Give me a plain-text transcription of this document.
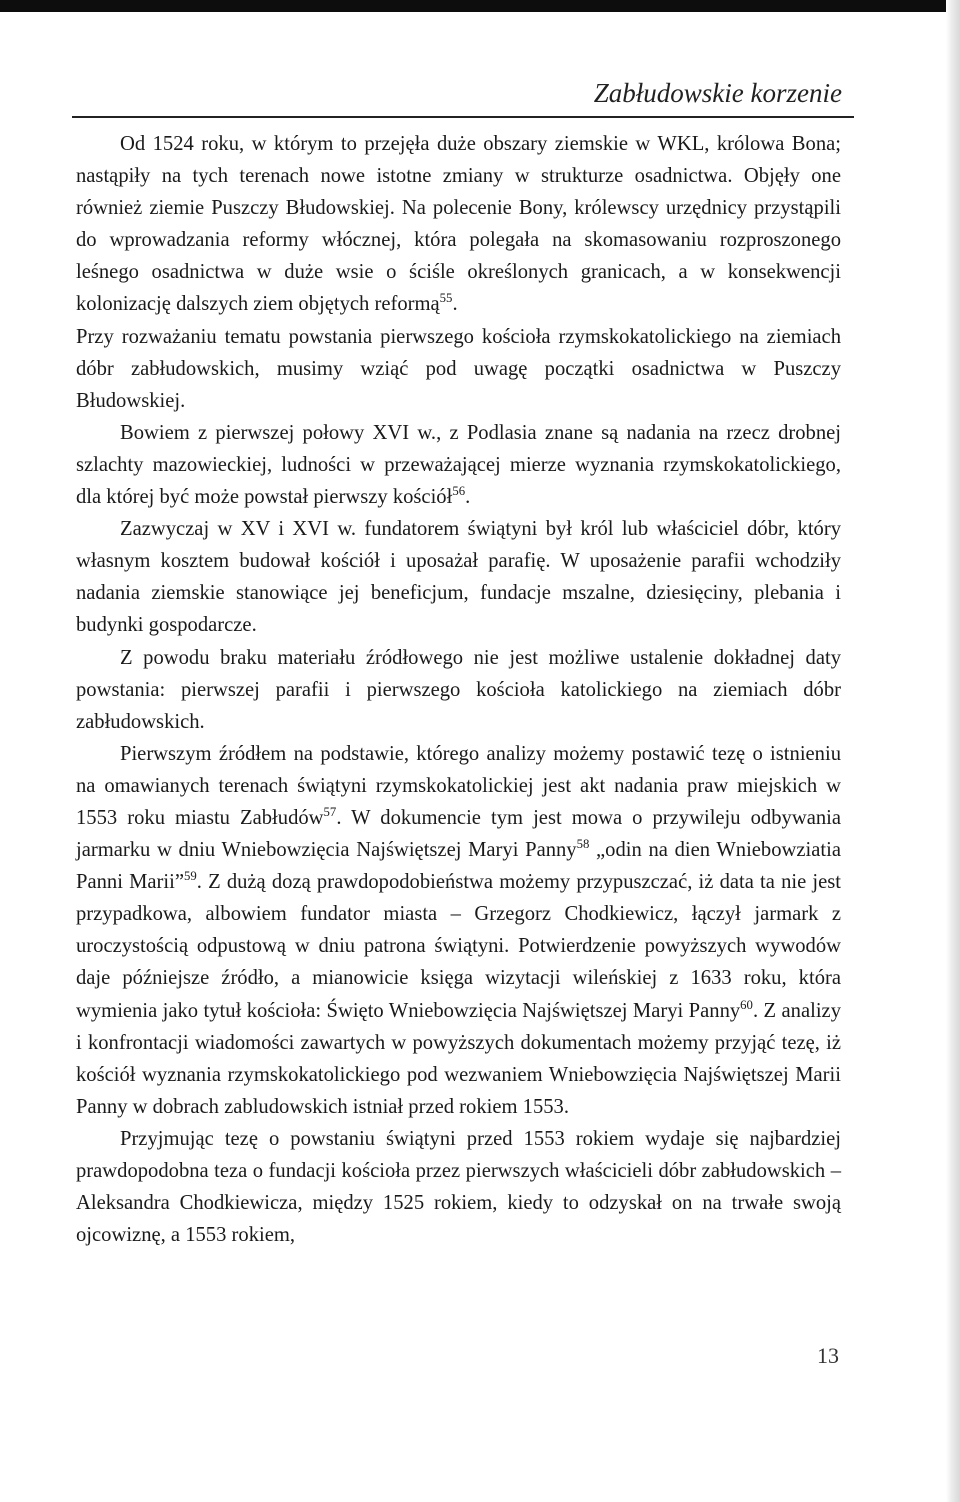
Zabłudowskie korzenie

Od 1524 roku, w którym to przejęła duże obszary ziemskie w WKL, królowa Bona; nastąpiły na tych terenach nowe istotne zmiany w strukturze osadnictwa. Objęły one również ziemie Puszczy Błudowskiej. Na polecenie Bony, królewscy urzędnicy przystąpili do wprowadzania reformy włócznej, która polegała na skomasowaniu rozproszonego leśnego osadnictwa w duże wsie o ściśle określonych granicach, a w konsekwencji kolonizację dalszych ziem objętych reformą$^{55}$.

Przy rozważaniu tematu powstania pierwszego kościoła rzymskokatolickiego na ziemiach dóbr zabłudowskich, musimy wziąć pod uwagę początki osadnictwa w Puszczy Błudowskiej.

Bowiem z pierwszej połowy XVI w., z Podlasia znane są nadania na rzecz drobnej szlachty mazowieckiej, ludności w przeważającej mierze wyznania rzymskokatolickiego, dla której być może powstał pierwszy kościół$^{56}$.

Zazwyczaj w XV i XVI w. fundatorem świątyni był król lub właściciel dóbr, który własnym kosztem budował kościół i uposażał parafię. W uposażenie parafii wchodziły nadania ziemskie stanowiące jej beneficjum, fundacje mszalne, dziesięciny, plebania i budynki gospodarcze.

Z powodu braku materiału źródłowego nie jest możliwe ustalenie dokładnej daty powstania: pierwszej parafii i pierwszego kościoła katolickiego na ziemiach dóbr zabłudowskich.

Pierwszym źródłem na podstawie, którego analizy możemy postawić tezę o istnieniu na omawianych terenach świątyni rzymskokatolickiej jest akt nadania praw miejskich w 1553 roku miastu Zabłudów$^{57}$. W dokumencie tym jest mowa o przywileju odbywania jarmarku w dniu Wniebowzięcia Najświętszej Maryi Panny$^{58}$ „odin na dien Wniebowziatia Panni Marii”$^{59}$. Z dużą dozą prawdopodobieństwa możemy przypuszczać, iż data ta nie jest przypadkowa, albowiem fundator miasta – Grzegorz Chodkiewicz, łączył jarmark z uroczystością odpustową w dniu patrona świątyni. Potwierdzenie powyższych wywodów daje późniejsze źródło, a mianowicie księga wizytacji wileńskiej z 1633 roku, która wymienia jako tytuł kościoła: Święto Wniebowzięcia Najświętszej Maryi Panny$^{60}$. Z analizy i konfrontacji wiadomości zawartych w powyższych dokumentach możemy przyjąć tezę, iż kościół wyznania rzymskokatolickiego pod wezwaniem Wniebowzięcia Najświętszej Marii Panny w dobrach zabludowskich istniał przed rokiem 1553.

Przyjmując tezę o powstaniu świątyni przed 1553 rokiem wydaje się najbardziej prawdopodobna teza o fundacji kościoła przez pierwszych właścicieli dóbr zabłudowskich – Aleksandra Chodkiewicza, między 1525 rokiem, kiedy to odzyskał on na trwałe swoją ojcowiznę, a 1553 rokiem,

13
